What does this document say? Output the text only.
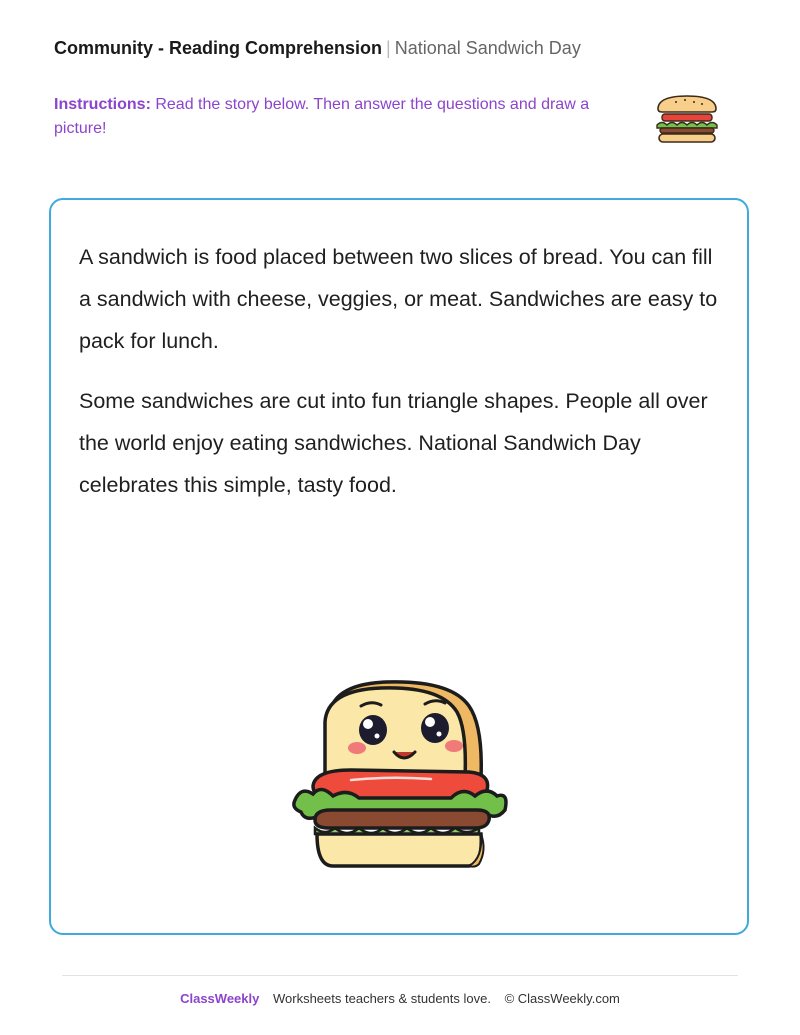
Community - Reading Comprehension | National Sandwich Day
Instructions: Read the story below. Then answer the questions and draw a picture!

A sandwich is food placed between two slices of bread. You can fill a sandwich with cheese, veggies, or meat. Sandwiches are easy to pack for lunch.

Some sandwiches are cut into fun triangle shapes. People all over the world enjoy eating sandwiches. National Sandwich Day celebrates this simple, tasty food.

ClassWeekly Worksheets teachers & students love. © ClassWeekly.com
